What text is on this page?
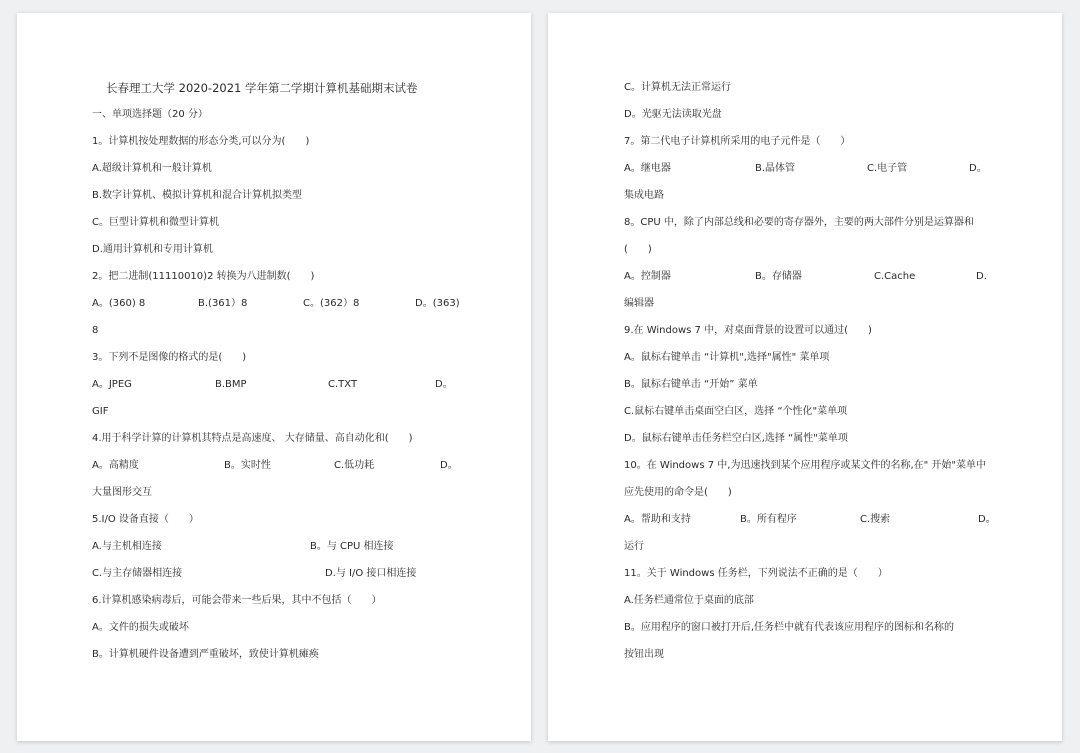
长春理工大学 2020-2021 学年第二学期计算机基础期末试卷
一、单项选择题（20 分）
1。计算机按处理数据的形态分类,可以分为(　　)
A.超级计算机和一般计算机
B.数字计算机、模拟计算机和混合计算机拟类型
C。巨型计算机和微型计算机
D.通用计算机和专用计算机
2。把二进制(11110010)2 转换为八进制数(　　)
A。(360) 8	B.(361）8	C。(362）8	D。(363)
8
3。下列不是图像的格式的是(　　)
A。JPEG	B.BMP	C.TXT	D。
GIF
4.用于科学计算的计算机其特点是高速度、 大存储量、高自动化和(　　)
A。高精度	B。实时性	C.低功耗	D。
大量图形交互
5.I/O 设备直接（　　）
A.与主机相连接	B。与 CPU 相连接
C.与主存储器相连接	D.与 I/O 接口相连接
6.计算机感染病毒后，可能会带来一些后果，其中不包括（　　）
A。文件的损失或破坏
B。计算机硬件设备遭到严重破坏，致使计算机瘫痪
C。计算机无法正常运行
D。光驱无法读取光盘
7。第二代电子计算机所采用的电子元件是（　　）
A。继电器	B.晶体管	C.电子管	D。
集成电路
8。CPU 中，除了内部总线和必要的寄存器外，主要的两大部件分别是运算器和
(　　)
A。控制器	B。存储器	C.Cache	D.
编辑器
9.在 Windows 7 中，对桌面背景的设置可以通过(　　)
A。鼠标右键单击 “计算机",选择"属性" 菜单项
B。鼠标右键单击 “开始” 菜单
C.鼠标右键单击桌面空白区，选择 “个性化"菜单项
D。鼠标右键单击任务栏空白区,选择 “属性"菜单项
10。在 Windows 7 中,为迅速找到某个应用程序或某文件的名称,在" 开始"菜单中
应先使用的命令是(　　)
A。帮助和支持	B。所有程序	C.搜索	D。
运行
11。关于 Windows 任务栏，下列说法不正确的是（　　）
A.任务栏通常位于桌面的底部
B。应用程序的窗口被打开后,任务栏中就有代表该应用程序的图标和名称的
按钮出现
